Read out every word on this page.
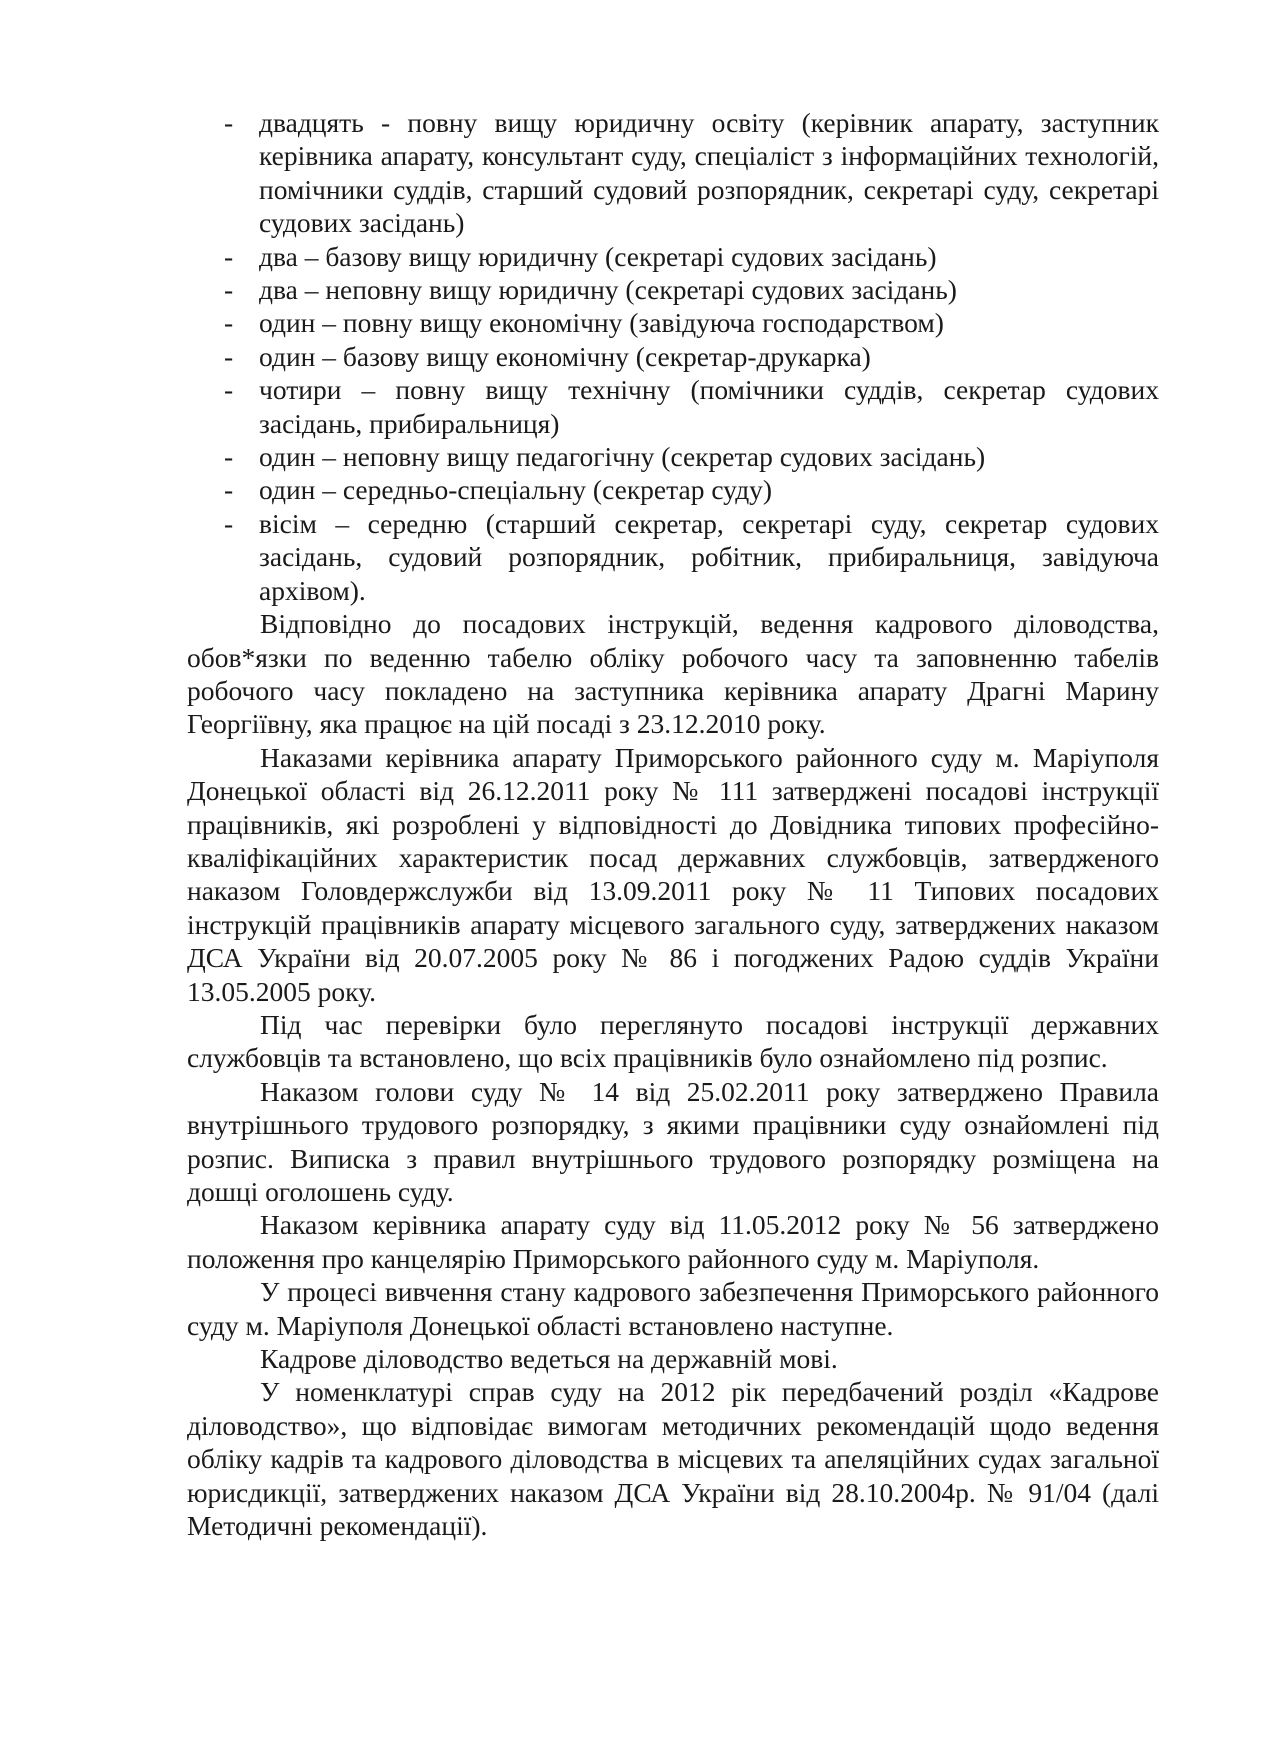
- двадцять - повну вищу юридичну освіту (керівник апарату, заступник керівника апарату, консультант суду, спеціаліст з інформаційних технологій, помічники суддів, старший судовий розпорядник, секретарі суду, секретарі судових засідань)
- два – базову вищу юридичну (секретарі судових засідань)
- два – неповну вищу юридичну (секретарі судових засідань)
- один – повну вищу економічну (завідуюча господарством)
- один – базову вищу економічну (секретар-друкарка)
- чотири – повну вищу технічну (помічники суддів, секретар судових засідань, прибиральниця)
- один – неповну вищу педагогічну (секретар судових засідань)
- один – середньо-спеціальну (секретар суду)
- вісім – середню (старший секретар, секретарі суду, секретар судових засідань, судовий розпорядник, робітник, прибиральниця, завідуюча архівом).

Відповідно до посадових інструкцій, ведення кадрового діловодства, обов*язки по веденню табелю обліку робочого часу та заповненню табелів робочого часу покладено на заступника керівника апарату Драгні Марину Георгіївну, яка працює на цій посаді з 23.12.2010 року.

Наказами керівника апарату Приморського районного суду м. Маріуполя Донецької області від 26.12.2011 року № 111 затверджені посадові інструкції працівників, які розроблені у відповідності до Довідника типових професійно-кваліфікаційних характеристик посад державних службовців, затвердженого наказом Головдержслужби від 13.09.2011 року № 11 Типових посадових інструкцій працівників апарату місцевого загального суду, затверджених наказом ДСА України від 20.07.2005 року № 86 і погоджених Радою суддів України 13.05.2005 року.

Під час перевірки було переглянуто посадові інструкції державних службовців та встановлено, що всіх працівників було ознайомлено під розпис.

Наказом голови суду № 14 від 25.02.2011 року затверджено Правила внутрішнього трудового розпорядку, з якими працівники суду ознайомлені під розпис. Виписка з правил внутрішнього трудового розпорядку розміщена на дошці оголошень суду.

Наказом керівника апарату суду від 11.05.2012 року № 56 затверджено положення про канцелярію Приморського районного суду м. Маріуполя.

У процесі вивчення стану кадрового забезпечення Приморського районного суду м. Маріуполя Донецької області встановлено наступне.

Кадрове діловодство ведеться на державній мові.

У номенклатурі справ суду на 2012 рік передбачений розділ «Кадрове діловодство», що відповідає вимогам методичних рекомендацій щодо ведення обліку кадрів та кадрового діловодства в місцевих та апеляційних судах загальної юрисдикції, затверджених наказом ДСА України від 28.10.2004р. № 91/04 (далі Методичні рекомендації).
